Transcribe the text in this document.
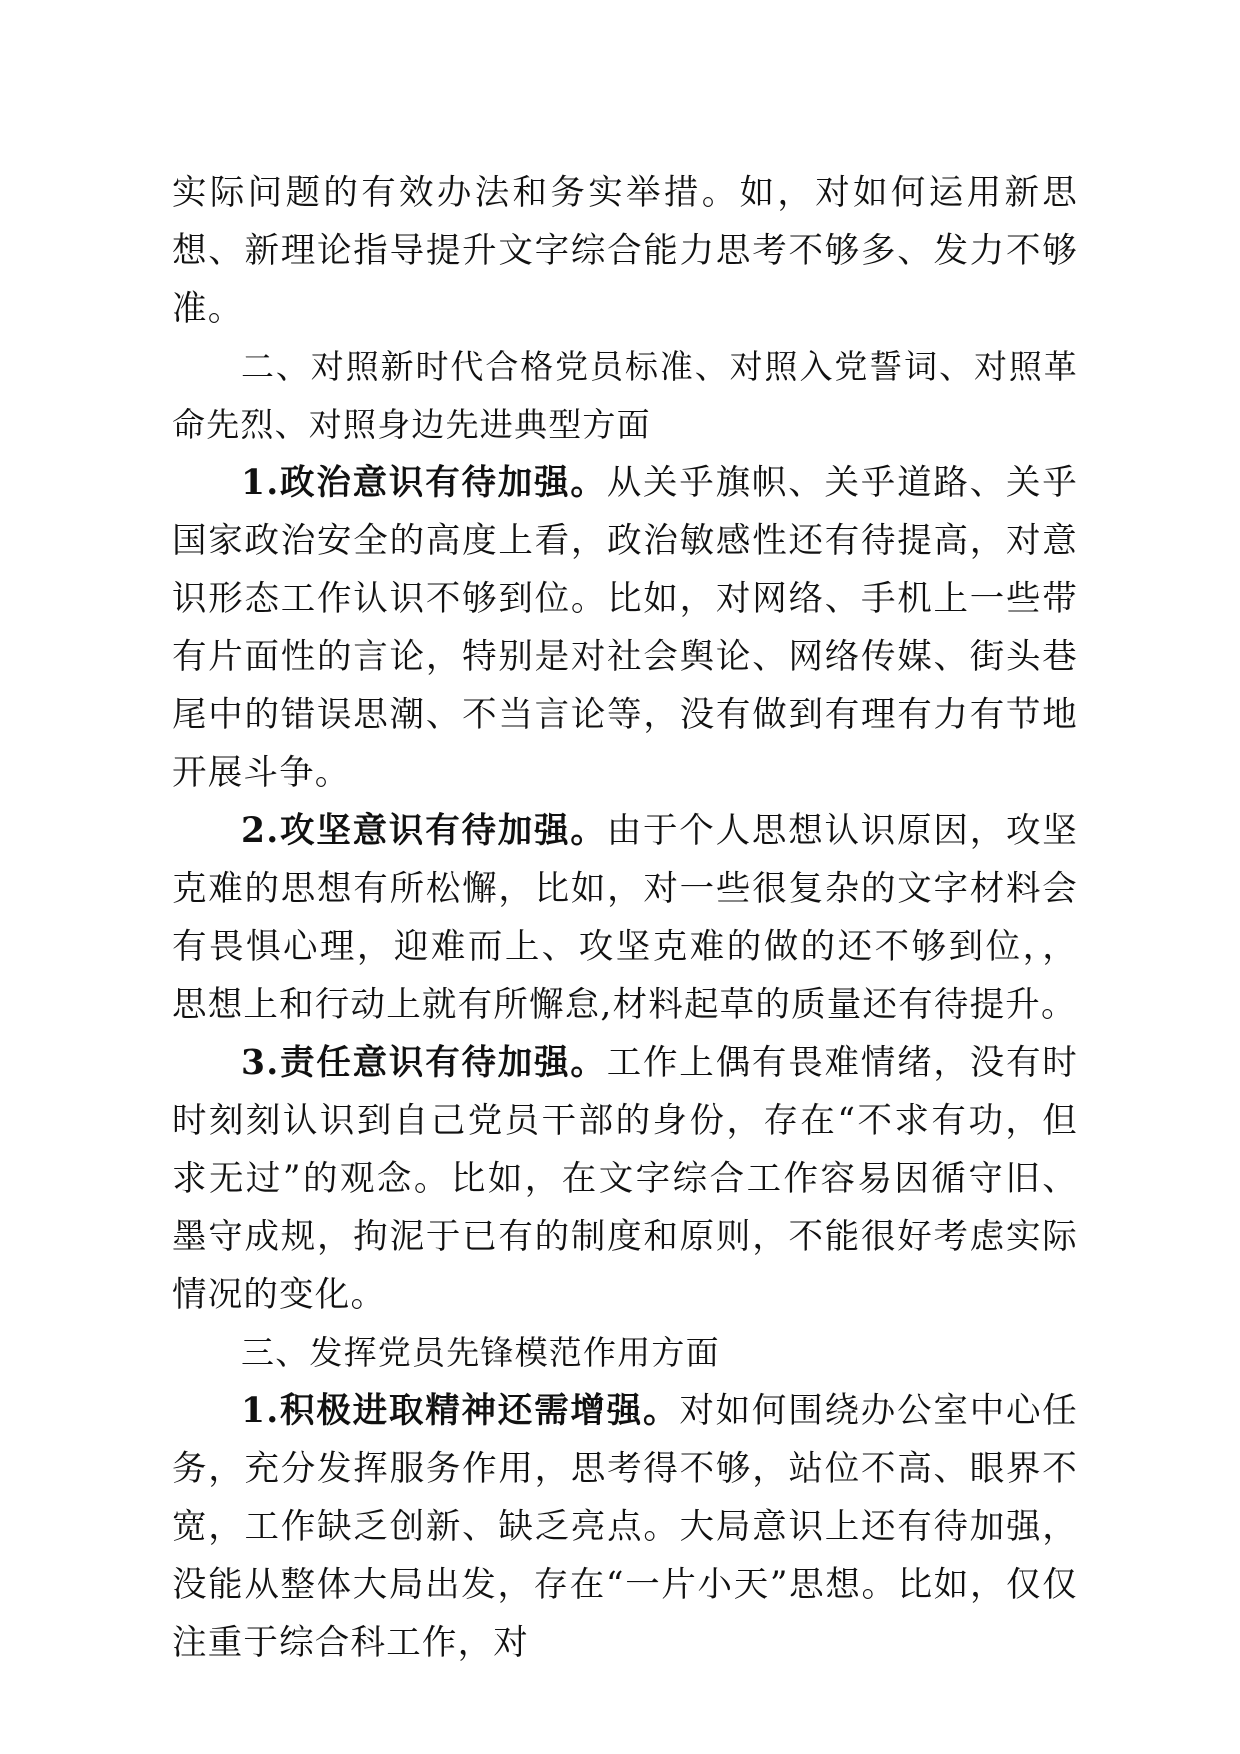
实际问题的有效办法和务实举措。如，对如何运用新思想、新理论指导提升文字综合能力思考不够多、发力不够准。

二、对照新时代合格党员标准、对照入党誓词、对照革命先烈、对照身边先进典型方面

1.政治意识有待加强。从关乎旗帜、关乎道路、关乎国家政治安全的高度上看，政治敏感性还有待提高，对意识形态工作认识不够到位。比如，对网络、手机上一些带有片面性的言论，特别是对社会舆论、网络传媒、街头巷尾中的错误思潮、不当言论等，没有做到有理有力有节地开展斗争。

2.攻坚意识有待加强。由于个人思想认识原因，攻坚克难的思想有所松懈，比如，对一些很复杂的文字材料会有畏惧心理，迎难而上、攻坚克难的做的还不够到位，，思想上和行动上就有所懈怠,材料起草的质量还有待提升。

3.责任意识有待加强。工作上偶有畏难情绪，没有时时刻刻认识到自己党员干部的身份，存在“不求有功，但求无过”的观念。比如，在文字综合工作容易因循守旧、墨守成规，拘泥于已有的制度和原则，不能很好考虑实际情况的变化。

三、发挥党员先锋模范作用方面

1.积极进取精神还需增强。对如何围绕办公室中心任务，充分发挥服务作用，思考得不够，站位不高、眼界不宽，工作缺乏创新、缺乏亮点。大局意识上还有待加强，没能从整体大局出发，存在“一片小天”思想。比如，仅仅注重于综合科工作，对
